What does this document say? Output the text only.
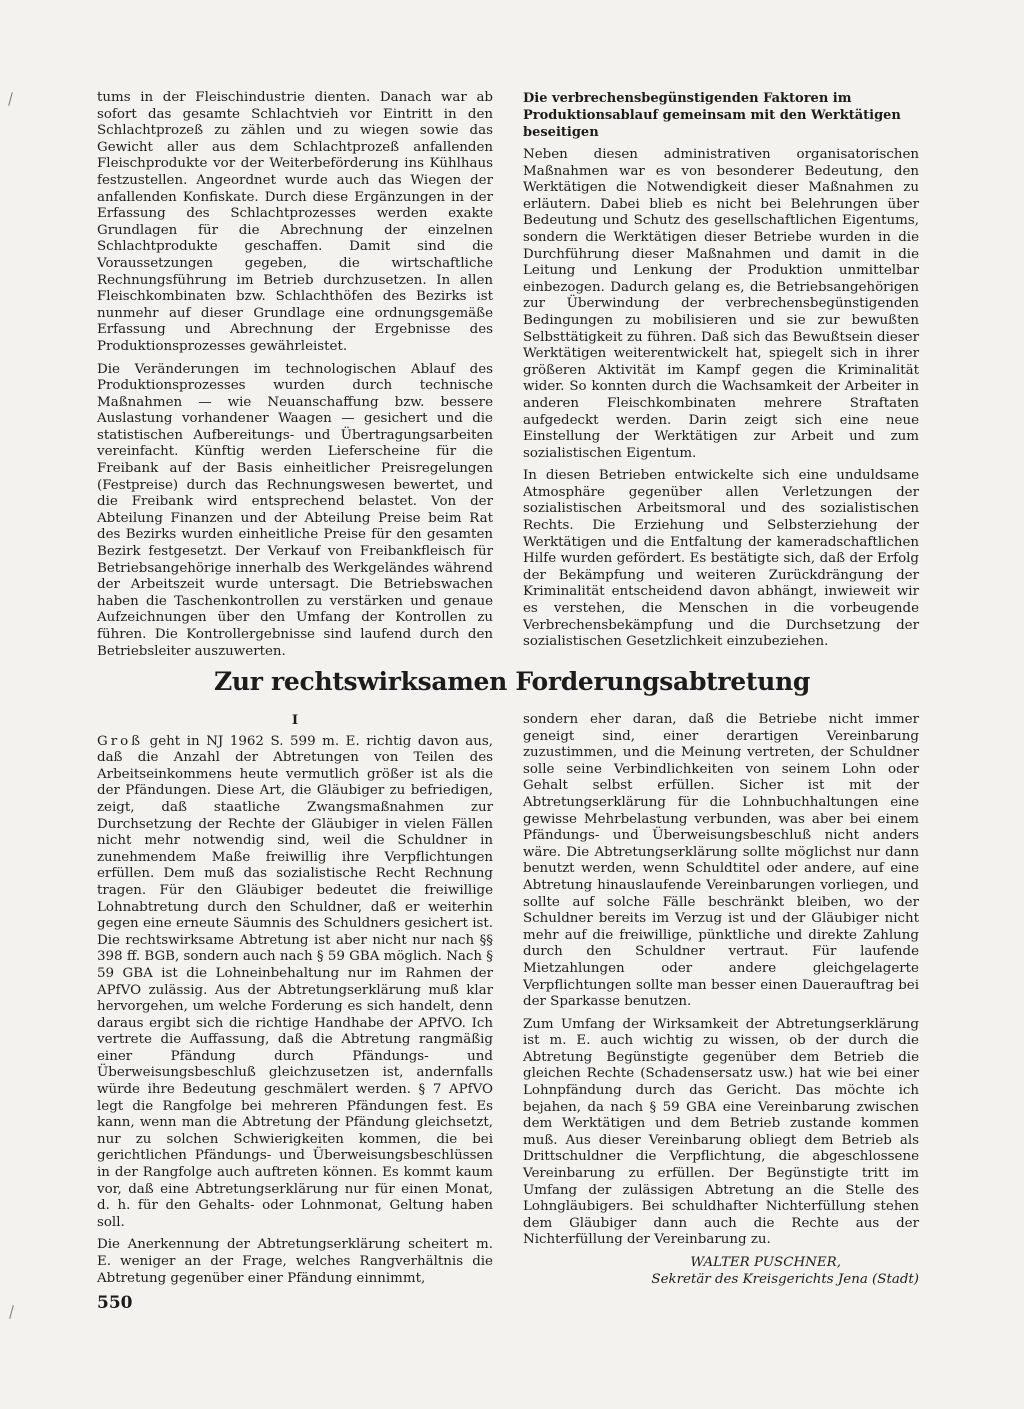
tums in der Fleischindustrie dienten. Danach war ab sofort das gesamte Schlachtvieh vor Eintritt in den Schlachtprozeß zu zählen und zu wiegen sowie das Gewicht aller aus dem Schlachtprozeß anfallenden Fleischprodukte vor der Weiterbeförderung ins Kühlhaus festzustellen. Angeordnet wurde auch das Wiegen der anfallenden Konfiskate. Durch diese Ergänzungen in der Erfassung des Schlachtprozesses werden exakte Grundlagen für die Abrechnung der einzelnen Schlachtprodukte geschaffen. Damit sind die Voraussetzungen gegeben, die wirtschaftliche Rechnungsführung im Betrieb durchzusetzen. In allen Fleischkombinaten bzw. Schlachthöfen des Bezirks ist nunmehr auf dieser Grundlage eine ordnungsgemäße Erfassung und Abrechnung der Ergebnisse des Produktionsprozesses gewährleistet.

Die Veränderungen im technologischen Ablauf des Produktionsprozesses wurden durch technische Maßnahmen — wie Neuanschaffung bzw. bessere Auslastung vorhandener Waagen — gesichert und die statistischen Aufbereitungs- und Übertragungsarbeiten vereinfacht. Künftig werden Lieferscheine für die Freibank auf der Basis einheitlicher Preisregelungen (Festpreise) durch das Rechnungswesen bewertet, und die Freibank wird entsprechend belastet. Von der Abteilung Finanzen und der Abteilung Preise beim Rat des Bezirks wurden einheitliche Preise für den gesamten Bezirk festgesetzt. Der Verkauf von Freibankfleisch für Betriebsangehörige innerhalb des Werkgeländes während der Arbeitszeit wurde untersagt. Die Betriebswachen haben die Taschenkontrollen zu verstärken und genaue Aufzeichnungen über den Umfang der Kontrollen zu führen. Die Kontrollergebnisse sind laufend durch den Betriebsleiter auszuwerten.

Die verbrechensbegünstigenden Faktoren im Produktionsablauf gemeinsam mit den Werktätigen beseitigen

Neben diesen administrativen organisatorischen Maßnahmen war es von besonderer Bedeutung, den Werktätigen die Notwendigkeit dieser Maßnahmen zu erläutern. Dabei blieb es nicht bei Belehrungen über Bedeutung und Schutz des gesellschaftlichen Eigentums, sondern die Werktätigen dieser Betriebe wurden in die Durchführung dieser Maßnahmen und damit in die Leitung und Lenkung der Produktion unmittelbar einbezogen. Dadurch gelang es, die Betriebsangehörigen zur Überwindung der verbrechensbegünstigenden Bedingungen zu mobilisieren und sie zur bewußten Selbsttätigkeit zu führen. Daß sich das Bewußtsein dieser Werktätigen weiterentwickelt hat, spiegelt sich in ihrer größeren Aktivität im Kampf gegen die Kriminalität wider. So konnten durch die Wachsamkeit der Arbeiter in anderen Fleischkombinaten mehrere Straftaten aufgedeckt werden. Darin zeigt sich eine neue Einstellung der Werktätigen zur Arbeit und zum sozialistischen Eigentum.

In diesen Betrieben entwickelte sich eine unduldsame Atmosphäre gegenüber allen Verletzungen der sozialistischen Arbeitsmoral und des sozialistischen Rechts. Die Erziehung und Selbsterziehung der Werktätigen und die Entfaltung der kameradschaftlichen Hilfe wurden gefördert. Es bestätigte sich, daß der Erfolg der Bekämpfung und weiteren Zurückdrängung der Kriminalität entscheidend davon abhängt, inwieweit wir es verstehen, die Menschen in die vorbeugende Verbrechensbekämpfung und die Durchsetzung der sozialistischen Gesetzlichkeit einzubeziehen.

Zur rechtswirksamen Forderungsabtretung

I

Groß geht in NJ 1962 S. 599 m. E. richtig davon aus, daß die Anzahl der Abtretungen von Teilen des Arbeitseinkommens heute vermutlich größer ist als die der Pfändungen. Diese Art, die Gläubiger zu befriedigen, zeigt, daß staatliche Zwangsmaßnahmen zur Durchsetzung der Rechte der Gläubiger in vielen Fällen nicht mehr notwendig sind, weil die Schuldner in zunehmendem Maße freiwillig ihre Verpflichtungen erfüllen. Dem muß das sozialistische Recht Rechnung tragen. Für den Gläubiger bedeutet die freiwillige Lohnabtretung durch den Schuldner, daß er weiterhin gegen eine erneute Säumnis des Schuldners gesichert ist. Die rechtswirksame Abtretung ist aber nicht nur nach §§ 398 ff. BGB, sondern auch nach § 59 GBA möglich. Nach § 59 GBA ist die Lohneinbehaltung nur im Rahmen der APfVO zulässig. Aus der Abtretungserklärung muß klar hervorgehen, um welche Forderung es sich handelt, denn daraus ergibt sich die richtige Handhabe der APfVO. Ich vertrete die Auffassung, daß die Abtretung rangmäßig einer Pfändung durch Pfändungs- und Überweisungsbeschluß gleichzusetzen ist, andernfalls würde ihre Bedeutung geschmälert werden. § 7 APfVO legt die Rangfolge bei mehreren Pfändungen fest. Es kann, wenn man die Abtretung der Pfändung gleichsetzt, nur zu solchen Schwierigkeiten kommen, die bei gerichtlichen Pfändungs- und Überweisungsbeschlüssen in der Rangfolge auch auftreten können. Es kommt kaum vor, daß eine Abtretungserklärung nur für einen Monat, d. h. für den Gehalts- oder Lohnmonat, Geltung haben soll.

Die Anerkennung der Abtretungserklärung scheitert m. E. weniger an der Frage, welches Rangverhältnis die Abtretung gegenüber einer Pfändung einnimmt,

sondern eher daran, daß die Betriebe nicht immer geneigt sind, einer derartigen Vereinbarung zuzustimmen, und die Meinung vertreten, der Schuldner solle seine Verbindlichkeiten von seinem Lohn oder Gehalt selbst erfüllen. Sicher ist mit der Abtretungserklärung für die Lohnbuchhaltungen eine gewisse Mehrbelastung verbunden, was aber bei einem Pfändungs- und Überweisungsbeschluß nicht anders wäre. Die Abtretungserklärung sollte möglichst nur dann benutzt werden, wenn Schuldtitel oder andere, auf eine Abtretung hinauslaufende Vereinbarungen vorliegen, und sollte auf solche Fälle beschränkt bleiben, wo der Schuldner bereits im Verzug ist und der Gläubiger nicht mehr auf die freiwillige, pünktliche und direkte Zahlung durch den Schuldner vertraut. Für laufende Mietzahlungen oder andere gleichgelagerte Verpflichtungen sollte man besser einen Dauerauftrag bei der Sparkasse benutzen.

Zum Umfang der Wirksamkeit der Abtretungserklärung ist m. E. auch wichtig zu wissen, ob der durch die Abtretung Begünstigte gegenüber dem Betrieb die gleichen Rechte (Schadensersatz usw.) hat wie bei einer Lohnpfändung durch das Gericht. Das möchte ich bejahen, da nach § 59 GBA eine Vereinbarung zwischen dem Werktätigen und dem Betrieb zustande kommen muß. Aus dieser Vereinbarung obliegt dem Betrieb als Drittschuldner die Verpflichtung, die abgeschlossene Vereinbarung zu erfüllen. Der Begünstigte tritt im Umfang der zulässigen Abtretung an die Stelle des Lohngläubigers. Bei schuldhafter Nichterfüllung stehen dem Gläubiger dann auch die Rechte aus der Nichterfüllung der Vereinbarung zu.

WALTER PUSCHNER,

Sekretär des Kreisgerichts Jena (Stadt)

550
